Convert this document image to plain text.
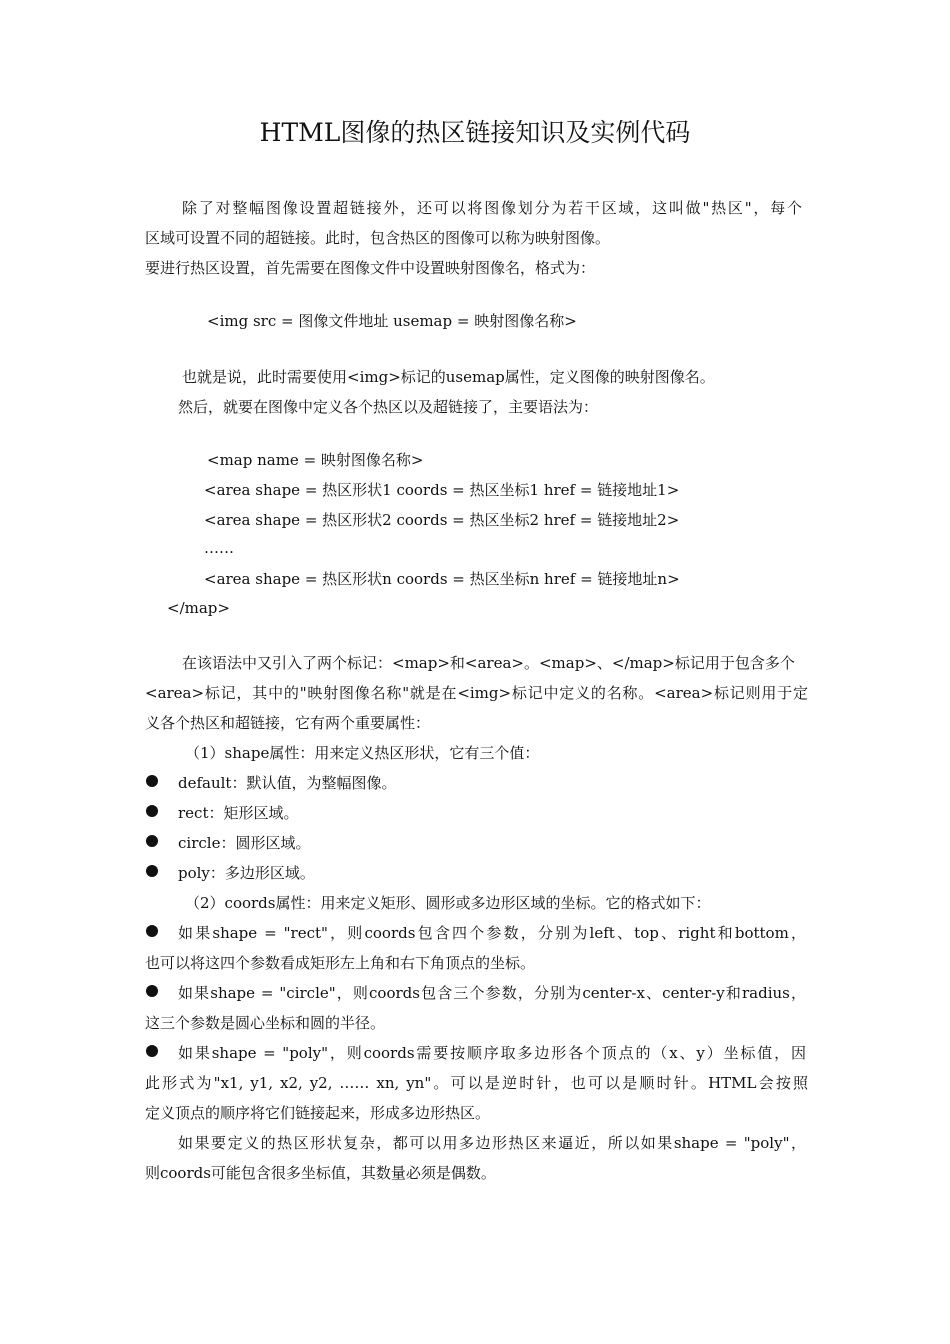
HTML图像的热区链接知识及实例代码
除了对整幅图像设置超链接外，还可以将图像划分为若干区域，这叫做"热区"，每个
区域可设置不同的超链接。此时，包含热区的图像可以称为映射图像。
要进行热区设置，首先需要在图像文件中设置映射图像名，格式为：
<img src = 图像文件地址 usemap = 映射图像名称>
也就是说，此时需要使用<img>标记的usemap属性，定义图像的映射图像名。
然后，就要在图像中定义各个热区以及超链接了，主要语法为：
<map name = 映射图像名称>
<area shape = 热区形状1 coords = 热区坐标1 href = 链接地址1>
<area shape = 热区形状2 coords = 热区坐标2 href = 链接地址2>
……
<area shape = 热区形状n coords = 热区坐标n href = 链接地址n>
</map>
在该语法中又引入了两个标记：<map>和<area>。<map>、</map>标记用于包含多个
<area>标记，其中的"映射图像名称"就是在<img>标记中定义的名称。<area>标记则用于定
义各个热区和超链接，它有两个重要属性：
（1）shape属性：用来定义热区形状，它有三个值：
default：默认值，为整幅图像。
rect：矩形区域。
circle：圆形区域。
poly：多边形区域。
（2）coords属性：用来定义矩形、圆形或多边形区域的坐标。它的格式如下：
如果shape = "rect"，则coords包含四个参数，分别为left、top、right和bottom，
也可以将这四个参数看成矩形左上角和右下角顶点的坐标。
如果shape = "circle"，则coords包含三个参数，分别为center-x、center-y和radius，
这三个参数是圆心坐标和圆的半径。
如果shape = "poly"，则coords需要按顺序取多边形各个顶点的（x、y）坐标值，因
此形式为"x1, y1, x2, y2, …… xn, yn"。可以是逆时针，也可以是顺时针。HTML会按照
定义顶点的顺序将它们链接起来，形成多边形热区。
如果要定义的热区形状复杂，都可以用多边形热区来逼近，所以如果shape = "poly"，
则coords可能包含很多坐标值，其数量必须是偶数。
